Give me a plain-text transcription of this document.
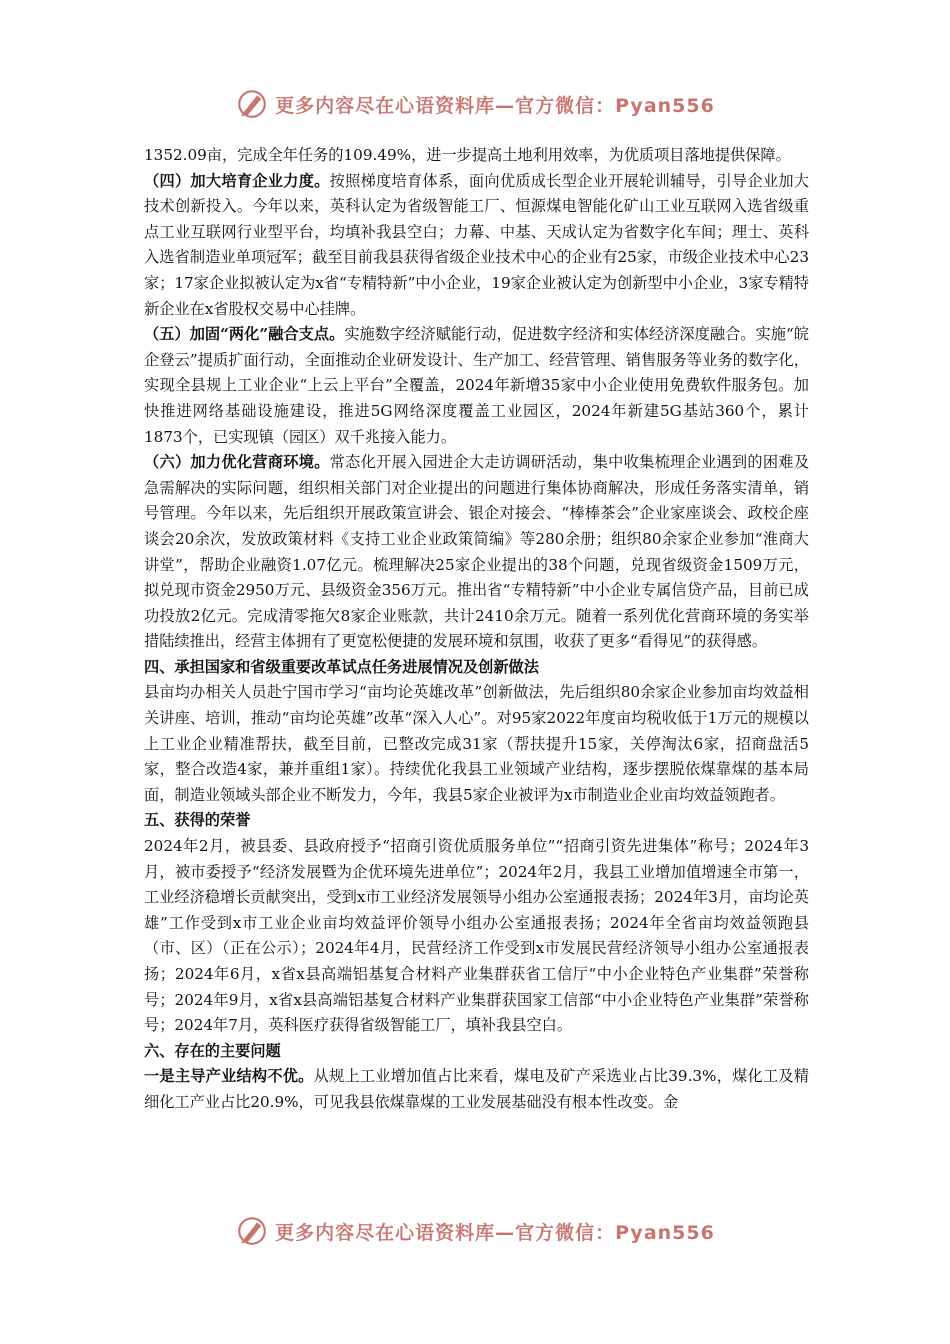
更多内容尽在心语资料库—官方微信：Pyan556

1352.09亩，完成全年任务的109.49%，进一步提高土地利用效率，为优质项目落地提供保障。

（四）加大培育企业力度。按照梯度培育体系，面向优质成长型企业开展轮训辅导，引导企业加大技术创新投入。今年以来，英科认定为省级智能工厂、恒源煤电智能化矿山工业互联网入选省级重点工业互联网行业型平台，均填补我县空白；力幕、中基、天成认定为省数字化车间；理士、英科入选省制造业单项冠军；截至目前我县获得省级企业技术中心的企业有25家，市级企业技术中心23家；17家企业拟被认定为x省“专精特新”中小企业，19家企业被认定为创新型中小企业，3家专精特新企业在x省股权交易中心挂牌。

（五）加固“两化”融合支点。实施数字经济赋能行动，促进数字经济和实体经济深度融合。实施“皖企登云”提质扩面行动，全面推动企业研发设计、生产加工、经营管理、销售服务等业务的数字化，实现全县规上工业企业“上云上平台”全覆盖，2024年新增35家中小企业使用免费软件服务包。加快推进网络基础设施建设，推进5G网络深度覆盖工业园区，2024年新建5G基站360个，累计1873个，已实现镇（园区）双千兆接入能力。

（六）加力优化营商环境。常态化开展入园进企大走访调研活动，集中收集梳理企业遇到的困难及急需解决的实际问题，组织相关部门对企业提出的问题进行集体协商解决，形成任务落实清单，销号管理。今年以来，先后组织开展政策宣讲会、银企对接会、“棒棒茶会”企业家座谈会、政校企座谈会20余次，发放政策材料《支持工业企业政策简编》等280余册；组织80余家企业参加“淮商大讲堂”，帮助企业融资1.07亿元。梳理解决25家企业提出的38个问题，兑现省级资金1509万元，拟兑现市资金2950万元、县级资金356万元。推出省“专精特新”中小企业专属信贷产品，目前已成功投放2亿元。完成清零拖欠8家企业账款，共计2410余万元。随着一系列优化营商环境的务实举措陆续推出，经营主体拥有了更宽松便捷的发展环境和氛围，收获了更多“看得见”的获得感。

四、承担国家和省级重要改革试点任务进展情况及创新做法

县亩均办相关人员赴宁国市学习“亩均论英雄改革”创新做法，先后组织80余家企业参加亩均效益相关讲座、培训，推动“亩均论英雄”改革“深入人心”。对95家2022年度亩均税收低于1万元的规模以上工业企业精准帮扶，截至目前，已整改完成31家（帮扶提升15家，关停淘汰6家，招商盘活5家，整合改造4家，兼并重组1家）。持续优化我县工业领域产业结构，逐步摆脱依煤靠煤的基本局面，制造业领域头部企业不断发力，今年，我县5家企业被评为x市制造业企业亩均效益领跑者。

五、获得的荣誉

2024年2月，被县委、县政府授予“招商引资优质服务单位”“招商引资先进集体”称号；2024年3月，被市委授予“经济发展暨为企优环境先进单位”；2024年2月，我县工业增加值增速全市第一，工业经济稳增长贡献突出，受到x市工业经济发展领导小组办公室通报表扬；2024年3月，亩均论英雄”工作受到x市工业企业亩均效益评价领导小组办公室通报表扬；2024年全省亩均效益领跑县（市、区）（正在公示）；2024年4月，民营经济工作受到x市发展民营经济领导小组办公室通报表扬；2024年6月，x省x县高端铝基复合材料产业集群获省工信厅“中小企业特色产业集群”荣誉称号；2024年9月，x省x县高端铝基复合材料产业集群获国家工信部“中小企业特色产业集群”荣誉称号；2024年7月，英科医疗获得省级智能工厂，填补我县空白。

六、存在的主要问题

一是主导产业结构不优。从规上工业增加值占比来看，煤电及矿产采选业占比39.3%，煤化工及精细化工产业占比20.9%，可见我县依煤靠煤的工业发展基础没有根本性改变。金

更多内容尽在心语资料库—官方微信：Pyan556
